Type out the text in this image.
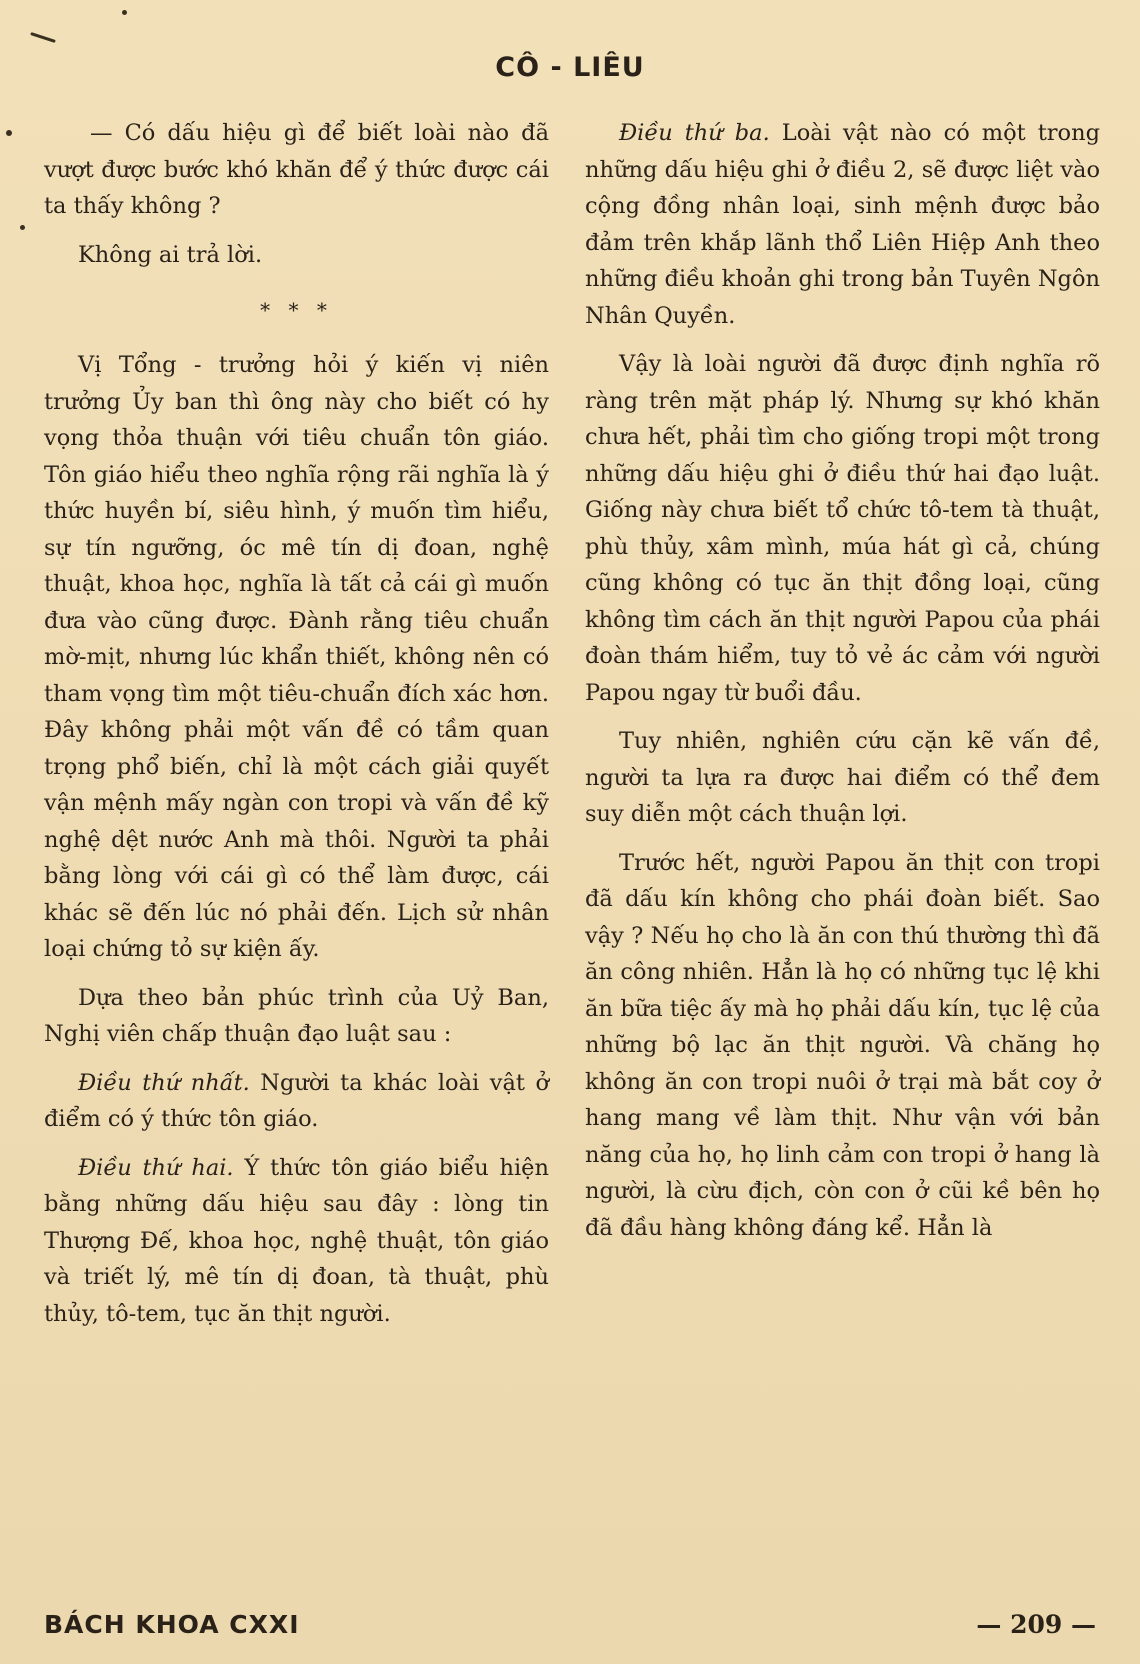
CÔ - LIÊU

— Có dấu hiệu gì để biết loài nào đã vượt được bước khó khăn để ý thức được cái ta thấy không ?

Không ai trả lời.

* * *

Vị Tổng - trưởng hỏi ý kiến vị niên trưởng Ủy ban thì ông này cho biết có hy vọng thỏa thuận với tiêu chuẩn tôn giáo. Tôn giáo hiểu theo nghĩa rộng rãi nghĩa là ý thức huyền bí, siêu hình, ý muốn tìm hiểu, sự tín ngưỡng, óc mê tín dị đoan, nghệ thuật, khoa học, nghĩa là tất cả cái gì muốn đưa vào cũng được. Đành rằng tiêu chuẩn mờ-mịt, nhưng lúc khẩn thiết, không nên có tham vọng tìm một tiêu-chuẩn đích xác hơn. Đây không phải một vấn đề có tầm quan trọng phổ biến, chỉ là một cách giải quyết vận mệnh mấy ngàn con tropi và vấn đề kỹ nghệ dệt nước Anh mà thôi. Người ta phải bằng lòng với cái gì có thể làm được, cái khác sẽ đến lúc nó phải đến. Lịch sử nhân loại chứng tỏ sự kiện ấy.

Dựa theo bản phúc trình của Uỷ Ban, Nghị viên chấp thuận đạo luật sau :

Điều thứ nhất. Người ta khác loài vật ở điểm có ý thức tôn giáo.

Điều thứ hai. Ý thức tôn giáo biểu hiện bằng những dấu hiệu sau đây : lòng tin Thượng Đế, khoa học, nghệ thuật, tôn giáo và triết lý, mê tín dị đoan, tà thuật, phù thủy, tô-tem, tục ăn thịt người.

Điều thứ ba. Loài vật nào có một trong những dấu hiệu ghi ở điều 2, sẽ được liệt vào cộng đồng nhân loại, sinh mệnh được bảo đảm trên khắp lãnh thổ Liên Hiệp Anh theo những điều khoản ghi trong bản Tuyên Ngôn Nhân Quyền.

Vậy là loài người đã được định nghĩa rõ ràng trên mặt pháp lý. Nhưng sự khó khăn chưa hết, phải tìm cho giống tropi một trong những dấu hiệu ghi ở điều thứ hai đạo luật. Giống này chưa biết tổ chức tô-tem tà thuật, phù thủy, xâm mình, múa hát gì cả, chúng cũng không có tục ăn thịt đồng loại, cũng không tìm cách ăn thịt người Papou của phái đoàn thám hiểm, tuy tỏ vẻ ác cảm với người Papou ngay từ buổi đầu.

Tuy nhiên, nghiên cứu cặn kẽ vấn đề, người ta lựa ra được hai điểm có thể đem suy diễn một cách thuận lợi.

Trước hết, người Papou ăn thịt con tropi đã dấu kín không cho phái đoàn biết. Sao vậy ? Nếu họ cho là ăn con thú thường thì đã ăn công nhiên. Hẳn là họ có những tục lệ khi ăn bữa tiệc ấy mà họ phải dấu kín, tục lệ của những bộ lạc ăn thịt người. Và chăng họ không ăn con tropi nuôi ở trại mà bắt coy ở hang mang về làm thịt. Như vận với bản năng của họ, họ linh cảm con tropi ở hang là người, là cừu địch, còn con ở cũi kề bên họ đã đầu hàng không đáng kể. Hẳn là

BÁCH KHOA CXXI	— 209 —
